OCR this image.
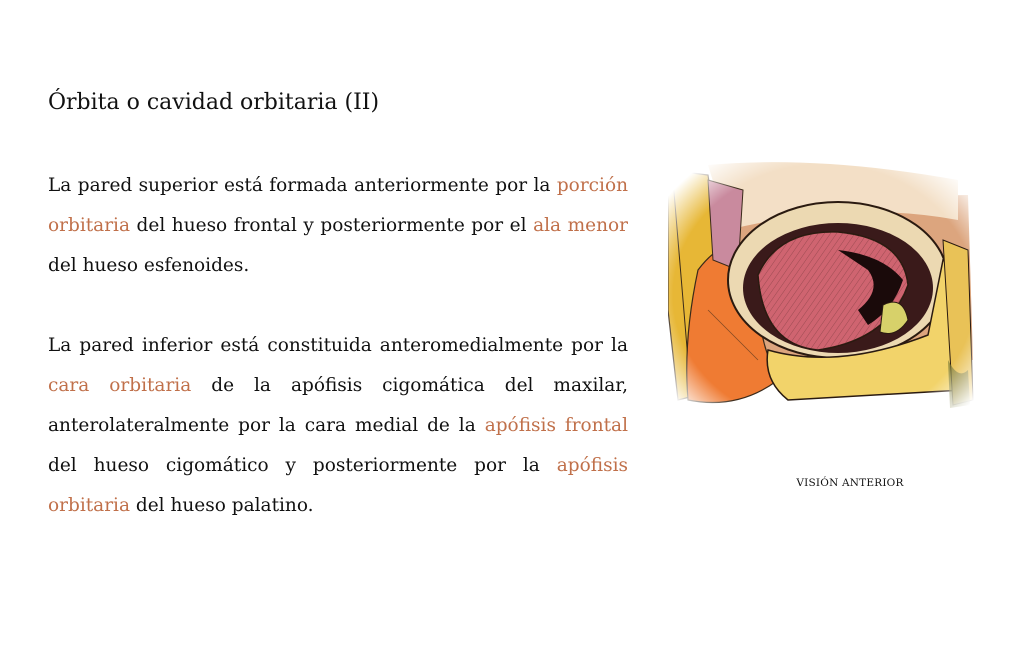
Órbita o cavidad orbitaria (II)

La pared superior está formada anteriormente por la porción orbitaria del hueso frontal y posteriormente por el ala menor del hueso esfenoides.

La pared inferior está constituida anteromedialmente por la cara orbitaria de la apófisis cigomática del maxilar, anterolateralmente por la cara medial de la apófisis frontal del hueso cigomático y posteriormente por la apófisis orbitaria del hueso palatino.

VISIÓN ANTERIOR
